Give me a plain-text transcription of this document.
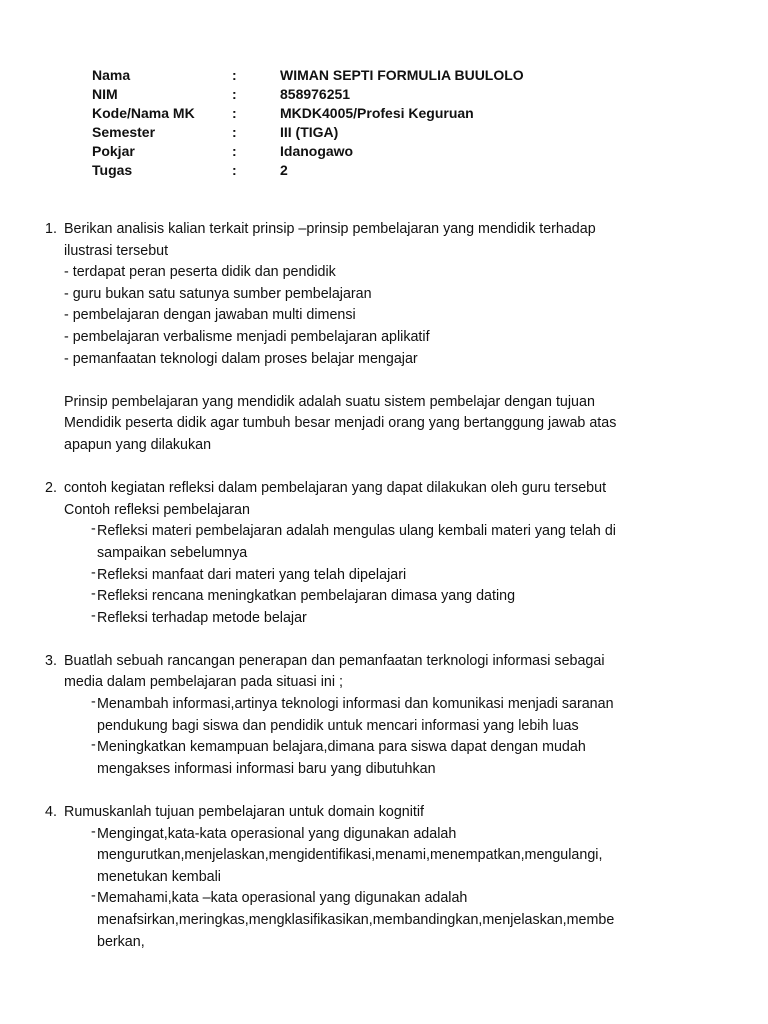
Nama	:	WIMAN SEPTI FORMULIA BUULOLO
NIM	:	858976251
Kode/Nama MK	:	MKDK4005/Profesi Keguruan
Semester	:	III (TIGA)
Pokjar	:	Idanogawo
Tugas	:	2
1. Berikan analisis kalian terkait prinsip –prinsip pembelajaran yang mendidik terhadap
ilustrasi tersebut
- terdapat peran peserta didik dan pendidik
- guru bukan satu satunya sumber pembelajaran
- pembelajaran dengan jawaban multi dimensi
- pembelajaran verbalisme menjadi pembelajaran aplikatif
- pemanfaatan teknologi dalam proses belajar mengajar
Prinsip pembelajaran yang mendidik adalah suatu sistem pembelajar dengan tujuan
Mendidik peserta didik agar tumbuh besar menjadi orang yang bertanggung jawab atas
apapun yang dilakukan
2. contoh kegiatan refleksi dalam pembelajaran yang dapat dilakukan oleh guru tersebut
Contoh refleksi pembelajaran
- Refleksi materi pembelajaran adalah mengulas ulang kembali materi yang telah di
sampaikan sebelumnya
- Refleksi manfaat dari materi yang telah dipelajari
- Refleksi rencana meningkatkan pembelajaran dimasa yang dating
- Refleksi terhadap metode belajar
3. Buatlah sebuah rancangan penerapan dan pemanfaatan terknologi informasi sebagai
media dalam pembelajaran pada situasi ini ;
- Menambah informasi,artinya teknologi informasi dan komunikasi menjadi saranan
pendukung bagi siswa dan pendidik untuk mencari informasi yang lebih luas
- Meningkatkan kemampuan belajara,dimana para siswa dapat dengan mudah
mengakses informasi informasi baru yang dibutuhkan
4. Rumuskanlah tujuan pembelajaran untuk domain kognitif
- Mengingat,kata-kata operasional yang digunakan adalah
mengurutkan,menjelaskan,mengidentifikasi,menami,menempatkan,mengulangi,
menetukan kembali
- Memahami,kata –kata operasional yang digunakan adalah
menafsirkan,meringkas,mengklasifikasikan,membandingkan,menjelaskan,membe
berkan,
